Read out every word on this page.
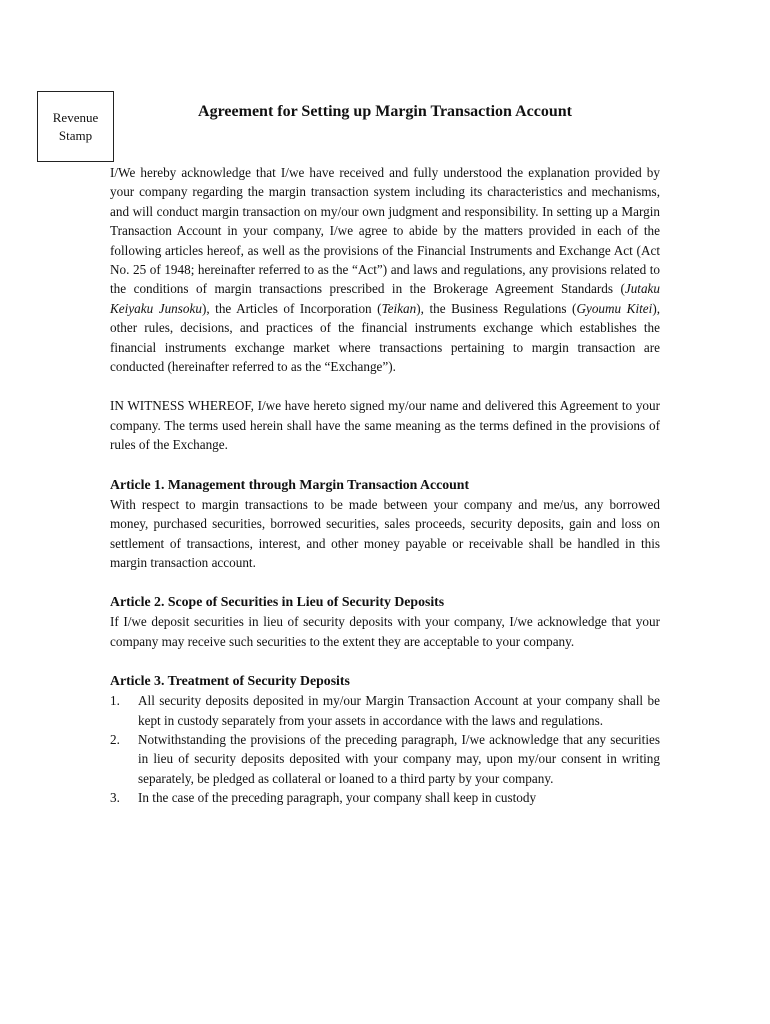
Revenue
Stamp
Agreement for Setting up Margin Transaction Account

I/We hereby acknowledge that I/we have received and fully understood the explanation provided by your company regarding the margin transaction system including its characteristics and mechanisms, and will conduct margin transaction on my/our own judgment and responsibility. In setting up a Margin Transaction Account in your company, I/we agree to abide by the matters provided in each of the following articles hereof, as well as the provisions of the Financial Instruments and Exchange Act (Act No. 25 of 1948; hereinafter referred to as the “Act”) and laws and regulations, any provisions related to the conditions of margin transactions prescribed in the Brokerage Agreement Standards (Jutaku Keiyaku Junsoku), the Articles of Incorporation (Teikan), the Business Regulations (Gyoumu Kitei), other rules, decisions, and practices of the financial instruments exchange which establishes the financial instruments exchange market where transactions pertaining to margin transaction are conducted (hereinafter referred to as the “Exchange”).

IN WITNESS WHEREOF, I/we have hereto signed my/our name and delivered this Agreement to your company. The terms used herein shall have the same meaning as the terms defined in the provisions of rules of the Exchange.

Article 1. Management through Margin Transaction Account

With respect to margin transactions to be made between your company and me/us, any borrowed money, purchased securities, borrowed securities, sales proceeds, security deposits, gain and loss on settlement of transactions, interest, and other money payable or receivable shall be handled in this margin transaction account.

Article 2. Scope of Securities in Lieu of Security Deposits

If I/we deposit securities in lieu of security deposits with your company, I/we acknowledge that your company may receive such securities to the extent they are acceptable to your company.

Article 3. Treatment of Security Deposits
1. All security deposits deposited in my/our Margin Transaction Account at your company shall be kept in custody separately from your assets in accordance with the laws and regulations.
2. Notwithstanding the provisions of the preceding paragraph, I/we acknowledge that any securities in lieu of security deposits deposited with your company may, upon my/our consent in writing separately, be pledged as collateral or loaned to a third party by your company.
3. In the case of the preceding paragraph, your company shall keep in custody
